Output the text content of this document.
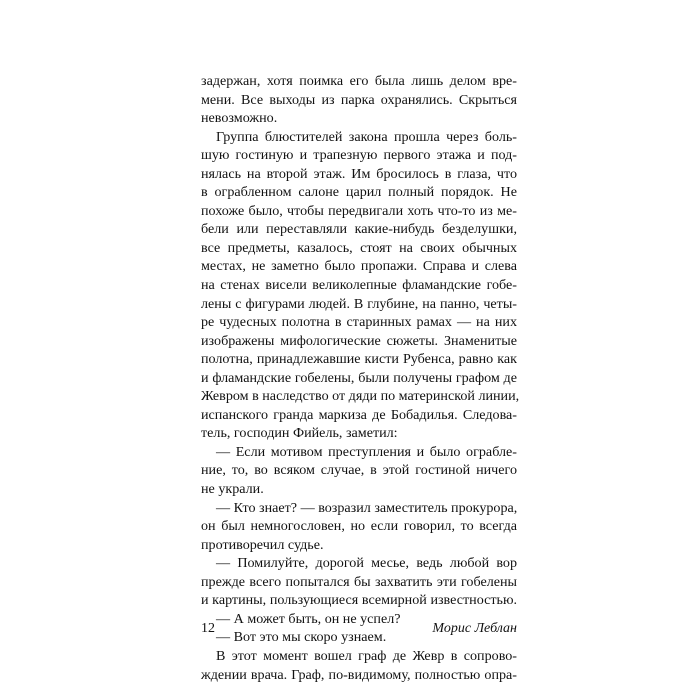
задержан, хотя поимка его была лишь делом вре-
мени. Все выходы из парка охранялись. Скрыться
невозможно.
Группа блюстителей закона прошла через боль-
шую гостиную и трапезную первого этажа и под-
нялась на второй этаж. Им бросилось в глаза, что
в ограбленном салоне царил полный порядок. Не
похоже было, чтобы передвигали хоть что-то из ме-
бели или переставляли какие-нибудь безделушки,
все предметы, казалось, стоят на своих обычных
местах, не заметно было пропажи. Справа и слева
на стенах висели великолепные фламандские гобе-
лены с фигурами людей. В глубине, на панно, четы-
ре чудесных полотна в старинных рамах — на них
изображены мифологические сюжеты. Знаменитые
полотна, принадлежавшие кисти Рубенса, равно как
и фламандские гобелены, были получены графом де
Жевром в наследство от дяди по материнской линии,
испанского гранда маркиза де Бобадилья. Следова-
тель, господин Фийель, заметил:
— Если мотивом преступления и было ограбле-
ние, то, во всяком случае, в этой гостиной ничего
не украли.
— Кто знает? — возразил заместитель прокурора,
он был немногословен, но если говорил, то всегда
противоречил судье.
— Помилуйте, дорогой месье, ведь любой вор
прежде всего попытался бы захватить эти гобелены
и картины, пользующиеся всемирной известностью.
— А может быть, он не успел?
— Вот это мы скоро узнаем.
В этот момент вошел граф де Жевр в сопрово-
ждении врача. Граф, по-видимому, полностью опра-
12	Морис Леблан
